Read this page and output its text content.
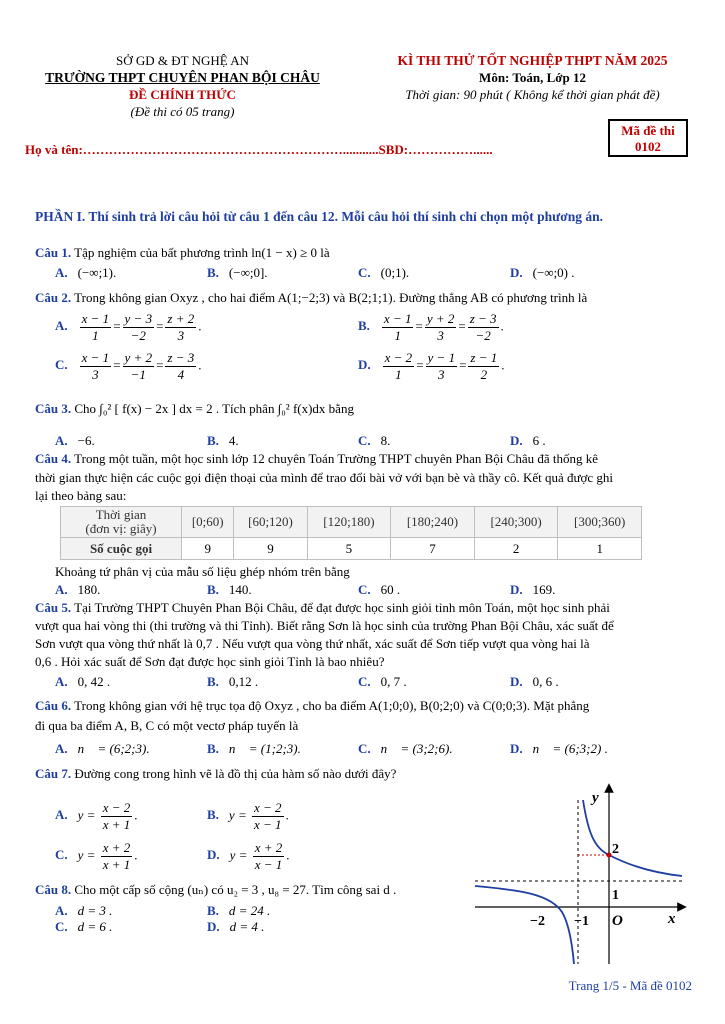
SỞ GD & ĐT NGHỆ AN
TRƯỜNG THPT CHUYÊN PHAN BỘI CHÂU
ĐỀ CHÍNH THỨC
(Đề thi có 05 trang)
KÌ THI THỬ TỐT NGHIỆP THPT NĂM 2025
Môn: Toán, Lớp 12
Thời gian: 90 phút ( Không kể thời gian phát đề)
Mã đề thi
0102
Họ và tên:……………………………………………………...........SBD:……………......
PHẦN I. Thí sinh trả lời câu hỏi từ câu 1 đến câu 12. Mỗi câu hỏi thí sinh chỉ chọn một phương án.
Câu 1. Tập nghiệm của bất phương trình ln(1 − x) ≥ 0 là
A. (−∞;1).	B. (−∞;0].	C. (0;1).	D. (−∞;0) .
Câu 2. Trong không gian Oxyz , cho hai điểm A(1;−2;3) và B(2;1;1). Đường thẳng AB có phương trình là
A. $\frac{x - 1}{1} = \frac{y - 3}{-2} = \frac{z + 2}{3}$ .	B. $\frac{x - 1}{1} = \frac{y + 2}{3} = \frac{z - 3}{-2}$ .
C. $\frac{x - 1}{3} = \frac{y + 2}{-1} = \frac{z - 3}{4}$ .	D. $\frac{x - 2}{1} = \frac{y - 1}{3} = \frac{z - 1}{2}$ .
Câu 3. Cho ∫₀² [ f(x) − 2x ] dx = 2 . Tích phân ∫₀² f(x)dx bằng
A. −6.	B. 4.	C. 8.	D. 6 .
Câu 4. Trong một tuần, một học sinh lớp 12 chuyên Toán Trường THPT chuyên Phan Bội Châu đã thống kê
thời gian thực hiện các cuộc gọi điện thoại của mình để trao đổi bài vở với bạn bè và thầy cô. Kết quả được ghi
lại theo bảng sau:
Thời gian
(đơn vị: giây)	[0;60)	[60;120)	[120;180)	[180;240)	[240;300)	[300;360)
Số cuộc gọi	9	9	5	7	2	1
Khoảng tứ phân vị của mẫu số liệu ghép nhóm trên bằng
A. 180.	B. 140.	C. 60 .	D. 169.
Câu 5. Tại Trường THPT Chuyên Phan Bội Châu, để đạt được học sinh giỏi tỉnh môn Toán, một học sinh phải
vượt qua hai vòng thi (thi trường và thi Tỉnh). Biết rằng Sơn là học sinh của trường Phan Bội Châu, xác suất để
Sơn vượt qua vòng thứ nhất là 0,7 . Nếu vượt qua vòng thứ nhất, xác suất để Sơn tiếp vượt qua vòng hai là
0,6 . Hỏi xác suất để Sơn đạt được học sinh giỏi Tỉnh là bao nhiêu?
A. 0, 42 .	B. 0,12 .	C. 0, 7 .	D. 0, 6 .
Câu 6. Trong không gian với hệ trục tọa độ Oxyz , cho ba điểm A(1;0;0), B(0;2;0) và C(0;0;3). Mặt phẳng
đi qua ba điểm A, B, C có một vectơ pháp tuyến là
A. n⃗ = (6;2;3).	B. n⃗ = (1;2;3).	C. n⃗ = (3;2;6).	D. n⃗ = (6;3;2) .
Câu 7. Đường cong trong hình vẽ là đồ thị của hàm số nào dưới đây?
A. $y = \frac{x - 2}{x + 1}$ .	B. $y = \frac{x - 2}{x - 1}$ .
C. $y = \frac{x + 2}{x + 1}$ .	D. $y = \frac{x + 2}{x - 1}$ .
y
x
O
2
1
−2 −1
Câu 8. Cho một cấp số cộng (uₙ) có u₂ = 3 , u₈ = 27. Tìm công sai d .
A. d = 3 .	B. d = 24 .
C. d = 6 .	D. d = 4 .
Trang 1/5 - Mã đề 0102
